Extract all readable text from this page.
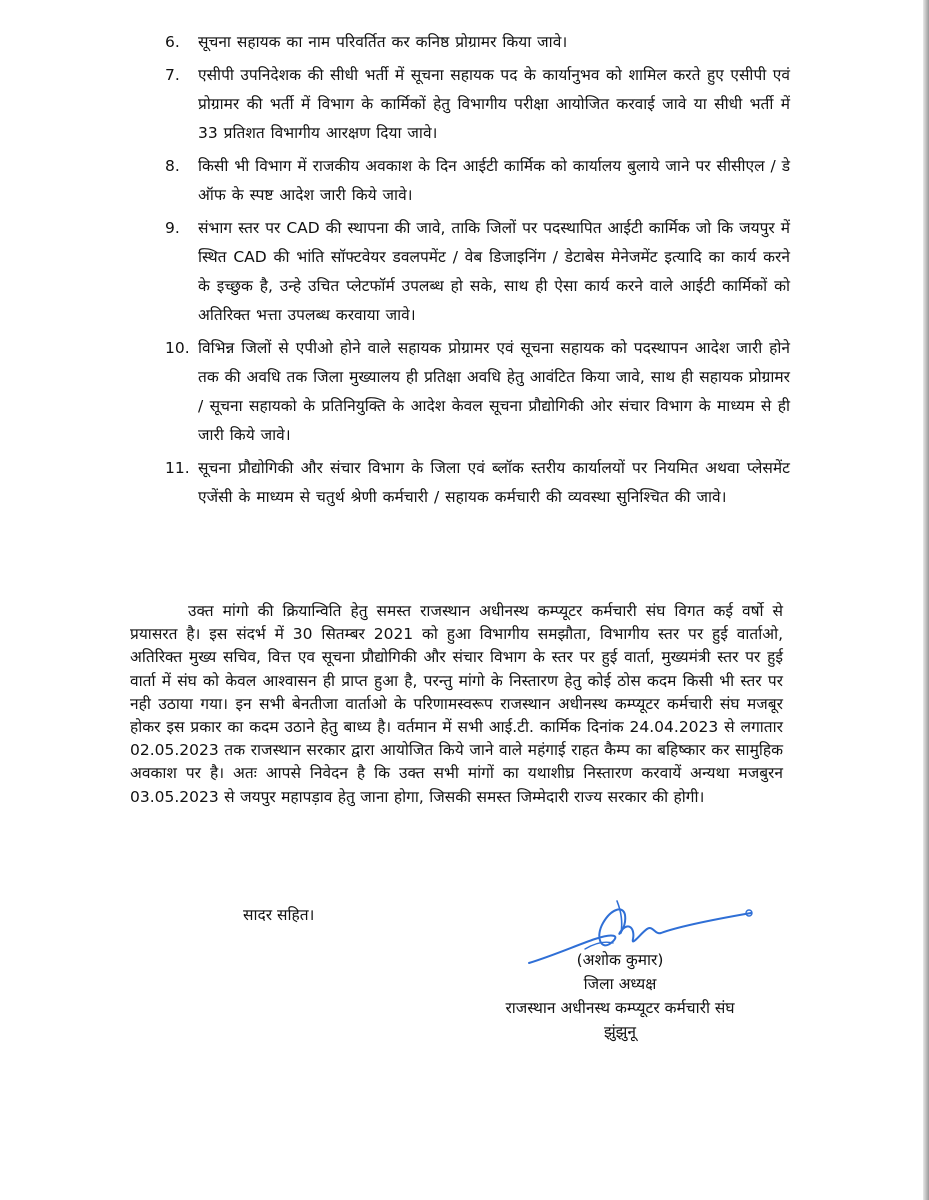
6.	सूचना सहायक का नाम परिवर्तित कर कनिष्ठ प्रोग्रामर किया जावे।
7.	एसीपी उपनिदेशक की सीधी भर्ती में सूचना सहायक पद के कार्यानुभव को शामिल करते हुए एसीपी एवं प्रोग्रामर की भर्ती में विभाग के कार्मिकों हेतु विभागीय परीक्षा आयोजित करवाई जावे या सीधी भर्ती में 33 प्रतिशत विभागीय आरक्षण दिया जावे।
8.	किसी भी विभाग में राजकीय अवकाश के दिन आईटी कार्मिक को कार्यालय बुलाये जाने पर सीसीएल / डे ऑफ के स्पष्ट आदेश जारी किये जावे।
9.	संभाग स्तर पर CAD की स्थापना की जावे, ताकि जिलों पर पदस्थापित आईटी कार्मिक जो कि जयपुर में स्थित CAD की भांति सॉफ्टवेयर डवलपमेंट / वेब डिजाइनिंग / डेटाबेस मेनेजमेंट इत्यादि का कार्य करने के इच्छुक है, उन्हे उचित प्लेटफॉर्म उपलब्ध हो सके, साथ ही ऐसा कार्य करने वाले आईटी कार्मिकों को अतिरिक्त भत्ता उपलब्ध करवाया जावे।
10. विभिन्न जिलों से एपीओ होने वाले सहायक प्रोग्रामर एवं सूचना सहायक को पदस्थापन आदेश जारी होने तक की अवधि तक जिला मुख्यालय ही प्रतिक्षा अवधि हेतु आवंटित किया जावे, साथ ही सहायक प्रोग्रामर / सूचना सहायको के प्रतिनियुक्ति के आदेश केवल सूचना प्रौद्योगिकी ओर संचार विभाग के माध्यम से ही जारी किये जावे।
11. सूचना प्रौद्योगिकी और संचार विभाग के जिला एवं ब्लॉक स्तरीय कार्यालयों पर नियमित अथवा प्लेसमेंट एजेंसी के माध्यम से चतुर्थ श्रेणी कर्मचारी / सहायक कर्मचारी की व्यवस्था सुनिश्चित की जावे।

उक्त मांगो की क्रियान्विति हेतु समस्त राजस्थान अधीनस्थ कम्प्यूटर कर्मचारी संघ विगत कई वर्षो से प्रयासरत है। इस संदर्भ में 30 सितम्बर 2021 को हुआ विभागीय समझौता, विभागीय स्तर पर हुई वार्ताओ, अतिरिक्त मुख्य सचिव, वित्त एव सूचना प्रौद्योगिकी और संचार विभाग के स्तर पर हुई वार्ता, मुख्यमंत्री स्तर पर हुई वार्ता में संघ को केवल आश्वासन ही प्राप्त हुआ है, परन्तु मांगो के निस्तारण हेतु कोई ठोस कदम किसी भी स्तर पर नही उठाया गया। इन सभी बेनतीजा वार्ताओ के परिणामस्वरूप राजस्थान अधीनस्थ कम्प्यूटर कर्मचारी संघ मजबूर होकर इस प्रकार का कदम उठाने हेतु बाध्य है। वर्तमान में सभी आई.टी. कार्मिक दिनांक 24.04.2023 से लगातार 02.05.2023 तक राजस्थान सरकार द्वारा आयोजित किये जाने वाले महंगाई राहत कैम्प का बहिष्कार कर सामुहिक अवकाश पर है। अतः आपसे निवेदन है कि उक्त सभी मांगों का यथाशीघ्र निस्तारण करवायें अन्यथा मजबुरन 03.05.2023 से जयपुर महापड़ाव हेतु जाना होगा, जिसकी समस्त जिम्मेदारी राज्य सरकार की होगी।

सादर सहित।
(अशोक कुमार)
जिला अध्यक्ष
राजस्थान अधीनस्थ कम्प्यूटर कर्मचारी संघ
झुंझुनू
